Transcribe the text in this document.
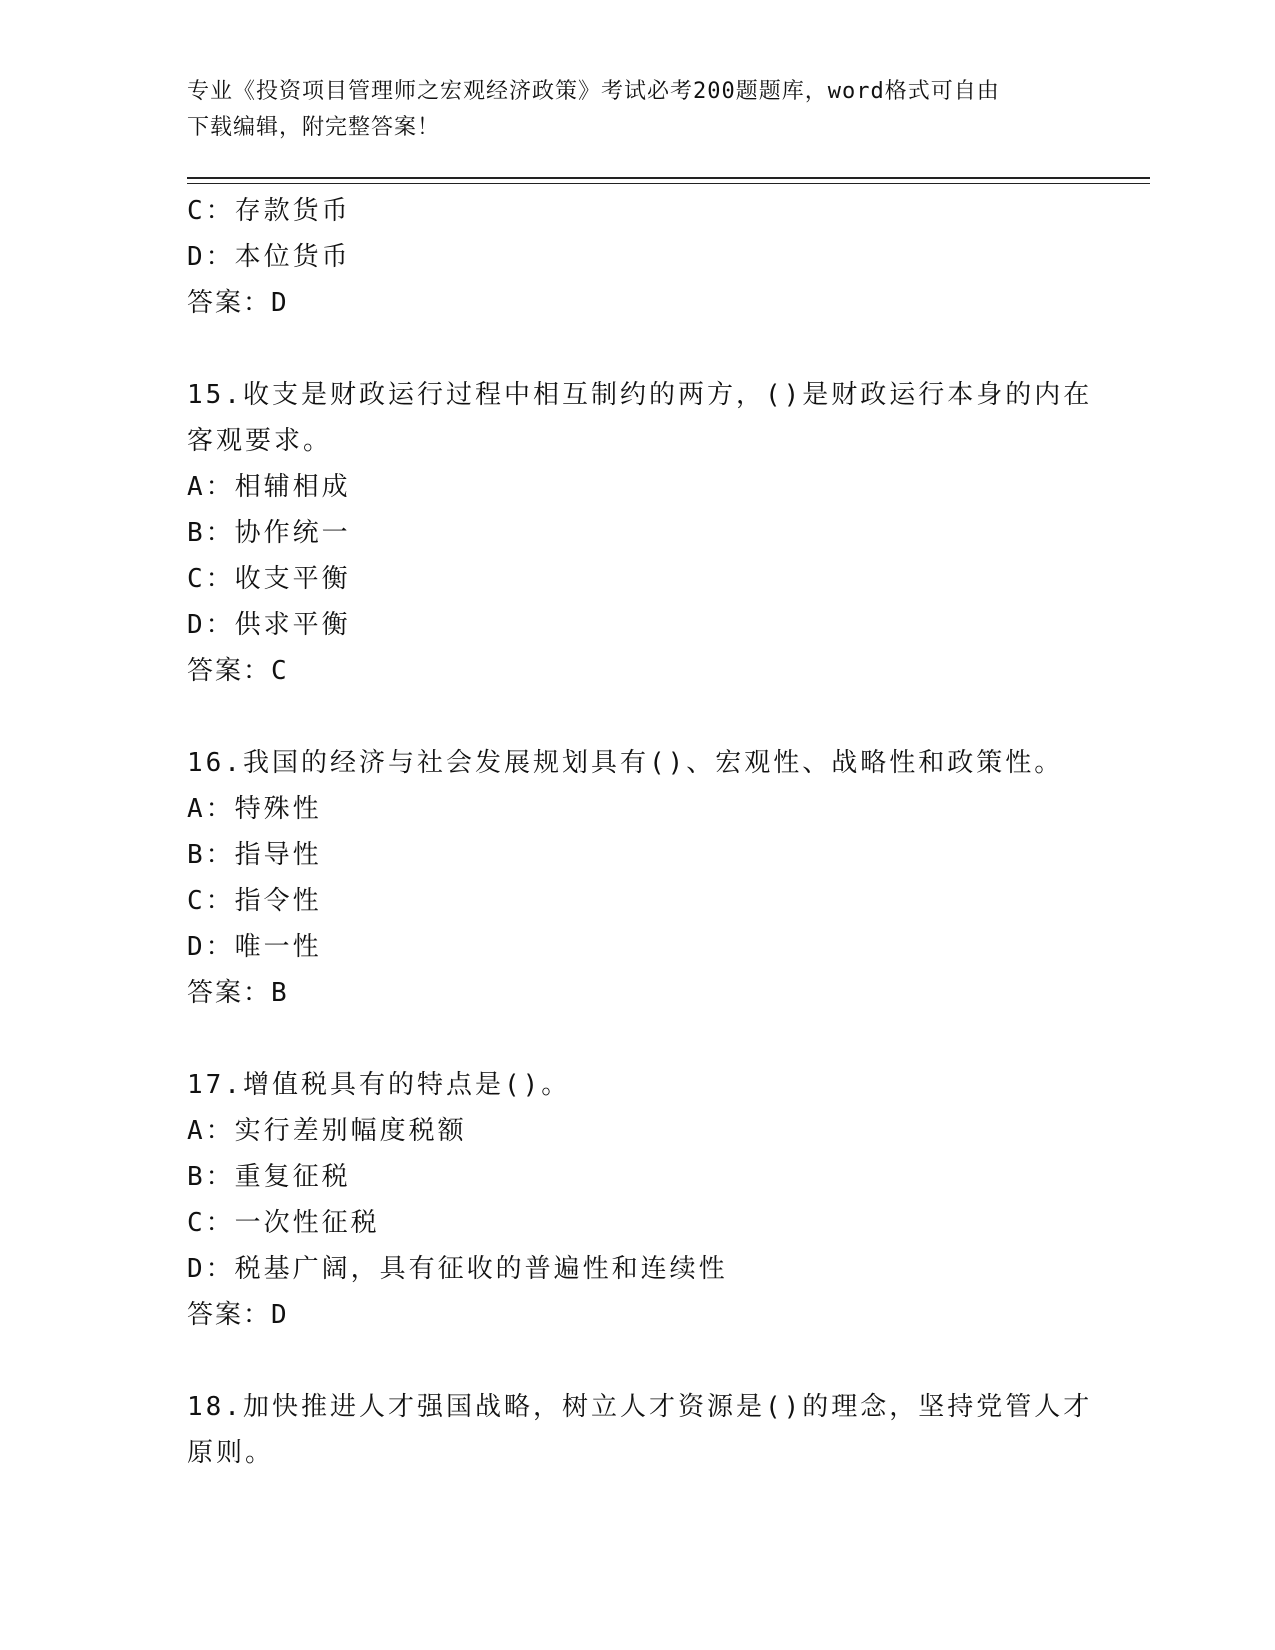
专业《投资项目管理师之宏观经济政策》考试必考200题题库，word格式可自由
下载编辑，附完整答案！
C：存款货币
D：本位货币
答案：D
15.收支是财政运行过程中相互制约的两方，()是财政运行本身的内在
客观要求。
A：相辅相成
B：协作统一
C：收支平衡
D：供求平衡
答案：C
16.我国的经济与社会发展规划具有()、宏观性、战略性和政策性。
A：特殊性
B：指导性
C：指令性
D：唯一性
答案：B
17.增值税具有的特点是()。
A：实行差别幅度税额
B：重复征税
C：一次性征税
D：税基广阔，具有征收的普遍性和连续性
答案：D
18.加快推进人才强国战略，树立人才资源是()的理念，坚持党管人才
原则。
